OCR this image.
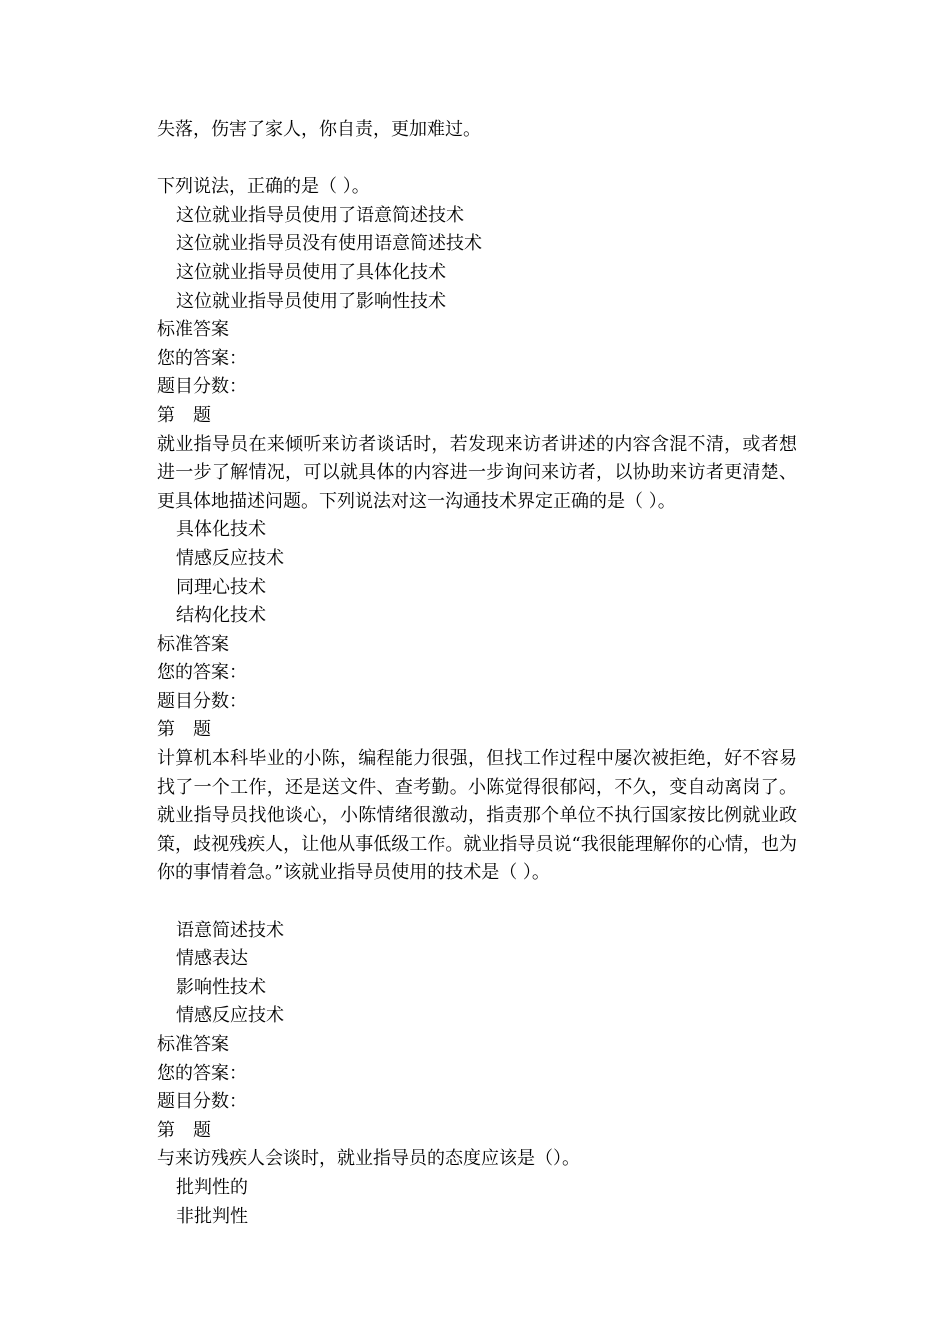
失落，伤害了家人，你自责，更加难过。
下列说法，正确的是（ ）。
这位就业指导员使用了语意简述技术
这位就业指导员没有使用语意简述技术
这位就业指导员使用了具体化技术
这位就业指导员使用了影响性技术
标准答案
您的答案：
题目分数：
第　题
就业指导员在来倾听来访者谈话时，若发现来访者讲述的内容含混不清，或者想进一步了解情况，可以就具体的内容进一步询问来访者，以协助来访者更清楚、更具体地描述问题。下列说法对这一沟通技术界定正确的是（ ）。
具体化技术
情感反应技术
同理心技术
结构化技术
标准答案
您的答案：
题目分数：
第　题
计算机本科毕业的小陈，编程能力很强，但找工作过程中屡次被拒绝，好不容易找了一个工作，还是送文件、查考勤。小陈觉得很郁闷，不久，变自动离岗了。就业指导员找他谈心，小陈情绪很激动，指责那个单位不执行国家按比例就业政策，歧视残疾人，让他从事低级工作。就业指导员说“我很能理解你的心情，也为你的事情着急。”该就业指导员使用的技术是（ ）。
语意简述技术
情感表达
影响性技术
情感反应技术
标准答案
您的答案：
题目分数：
第　题
与来访残疾人会谈时，就业指导员的态度应该是（）。
批判性的
非批判性
